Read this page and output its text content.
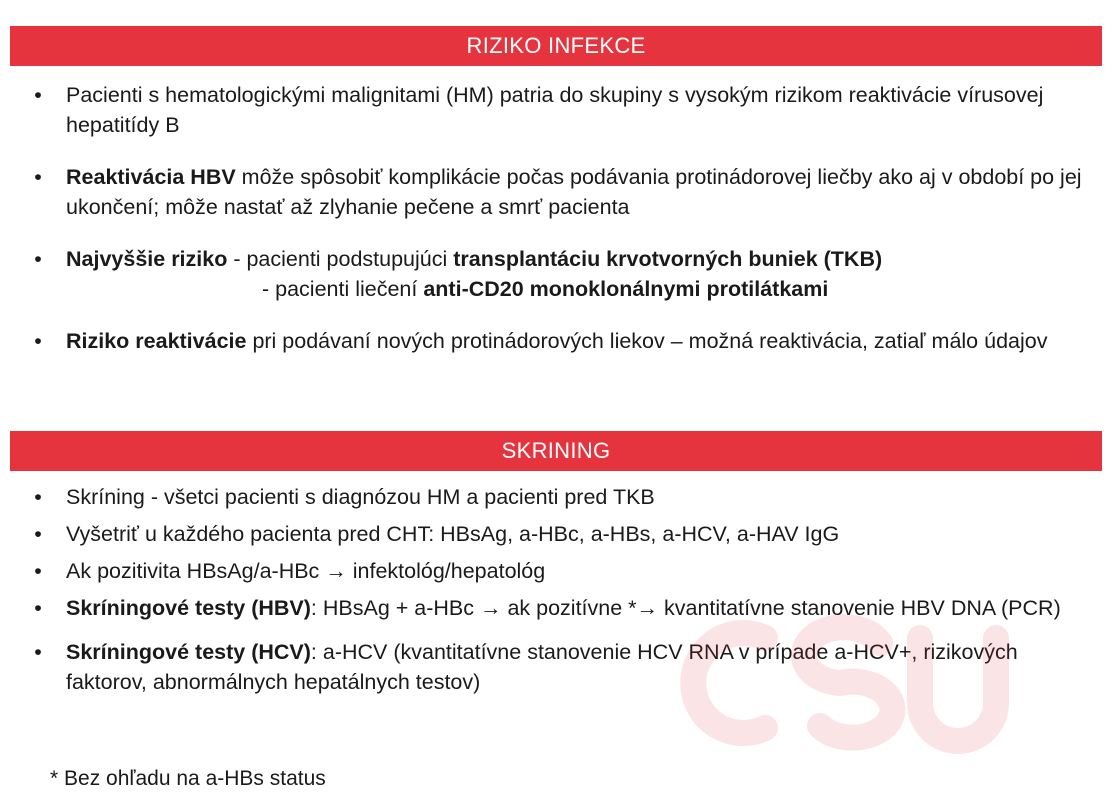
RIZIKO INFEKCE
• Pacienti s hematologickými malignitami (HM) patria do skupiny s vysokým rizikom reaktivácie vírusovej hepatitídy B
• Reaktivácia HBV môže spôsobiť komplikácie počas podávania protinádorovej liečby ako aj v období po jej ukončení; môže nastať až zlyhanie pečene a smrť pacienta
• Najvyššie riziko - pacienti podstupujúci transplantáciu krvotvorných buniek (TKB)
- pacienti liečení anti-CD20 monoklonálnymi protilátkami
• Riziko reaktivácie pri podávaní nových protinádorových liekov – možná reaktivácia, zatiaľ málo údajov
SKRINING
• Skríning - všetci pacienti s diagnózou HM a pacienti pred TKB
• Vyšetriť u každého pacienta pred CHT: HBsAg, a-HBc, a-HBs, a-HCV, a-HAV IgG
• Ak pozitivita HBsAg/a-HBc → infektológ/hepatológ
• Skríningové testy (HBV): HBsAg + a-HBc → ak pozitívne *→ kvantitatívne stanovenie HBV DNA (PCR)
• Skríningové testy (HCV): a-HCV (kvantitatívne stanovenie HCV RNA v prípade a-HCV+, rizikových faktorov, abnormálnych hepatálnych testov)
* Bez ohľadu na a-HBs status
